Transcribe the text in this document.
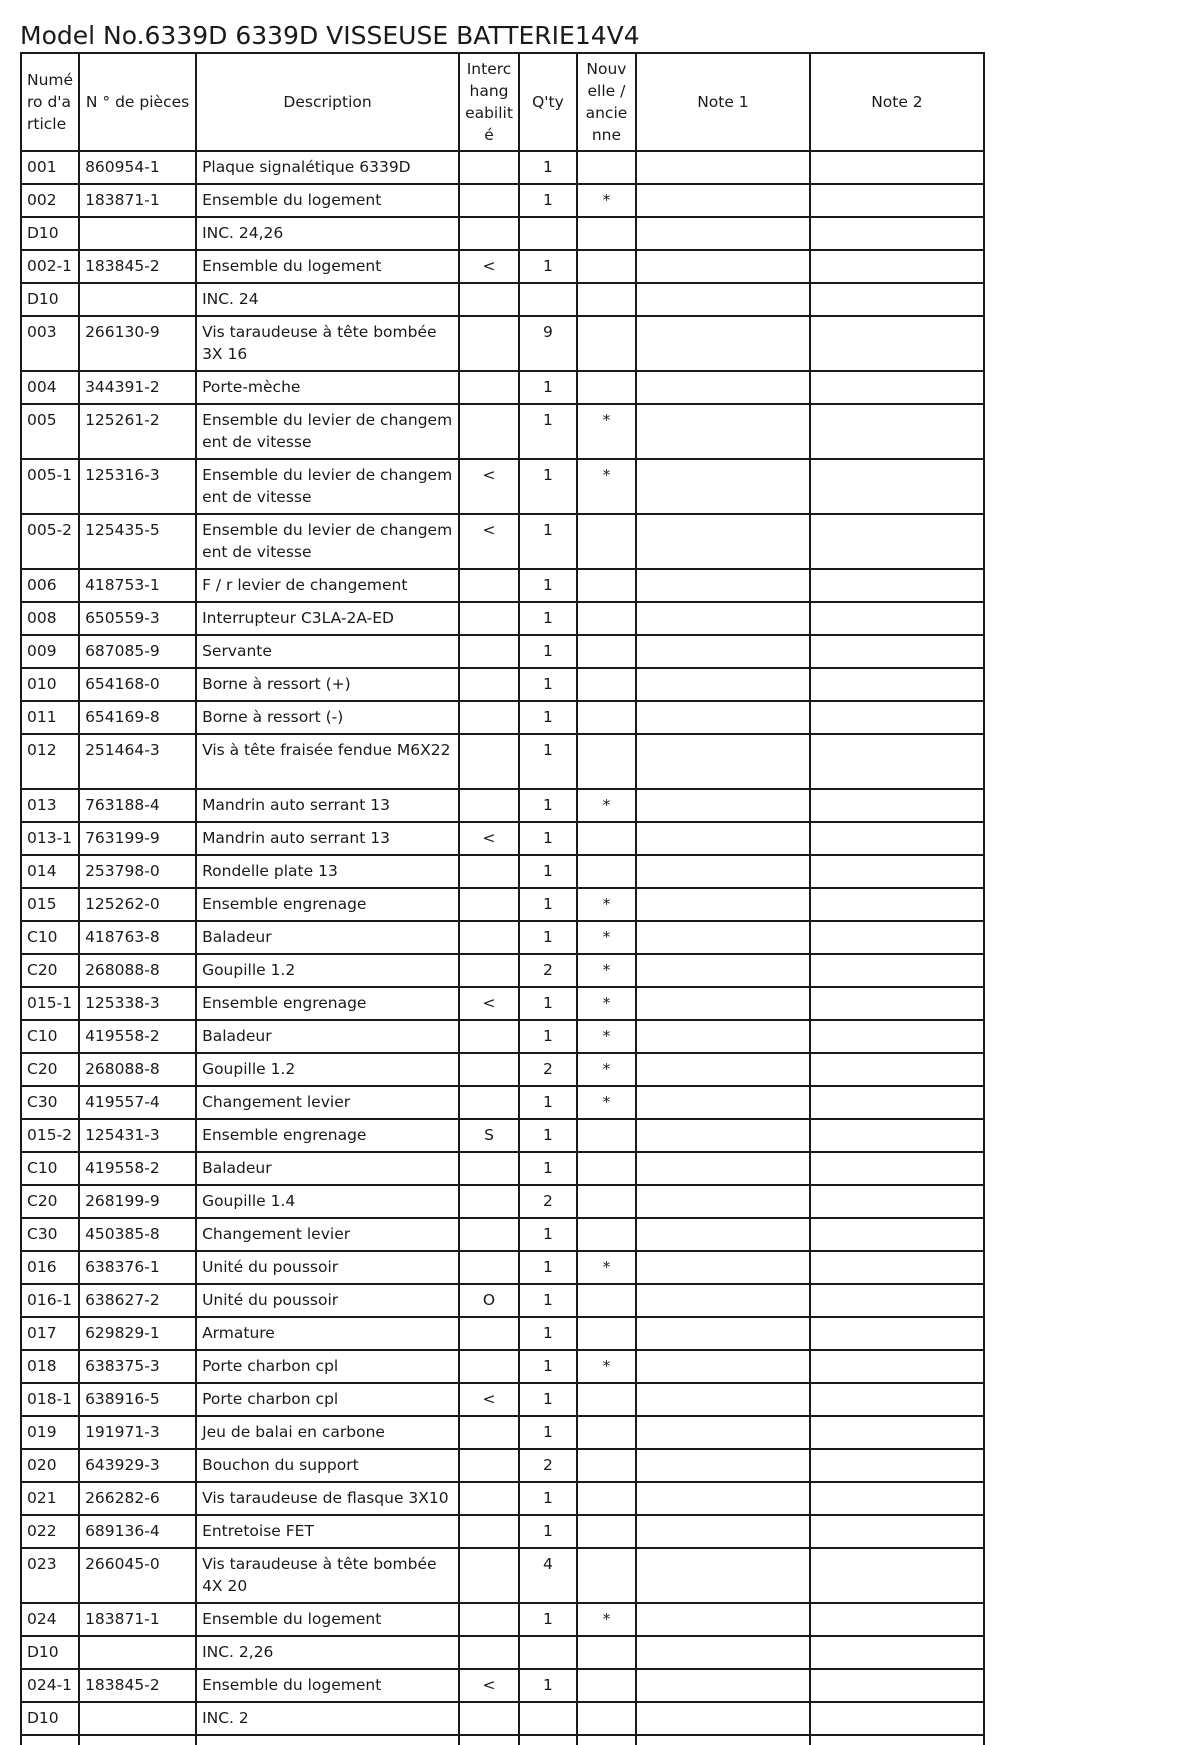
Model No.6339D 6339D VISSEUSE BATTERIE14V4
Numé ro d'a rticle	N ° de pièces	Description	Interc hang eabilit é	Q'ty	Nouv elle / ancie nne	Note 1	Note 2
001	860954-1	Plaque signalétique 6339D		1			
002	183871-1	Ensemble du logement		1	*		
D10		INC. 24,26					
002-1	183845-2	Ensemble du logement	<	1			
D10		INC. 24					
003	266130-9	Vis taraudeuse à tête bombée 3X 16		9			
004	344391-2	Porte-mèche		1			
005	125261-2	Ensemble du levier de changem ent de vitesse		1	*		
005-1	125316-3	Ensemble du levier de changem ent de vitesse	<	1	*		
005-2	125435-5	Ensemble du levier de changem ent de vitesse	<	1			
006	418753-1	F / r levier de changement		1			
008	650559-3	Interrupteur C3LA-2A-ED		1			
009	687085-9	Servante		1			
010	654168-0	Borne à ressort (+)		1			
011	654169-8	Borne à ressort (-)		1			
012	251464-3	Vis à tête fraisée fendue M6X22		1			
013	763188-4	Mandrin auto serrant 13		1	*		
013-1	763199-9	Mandrin auto serrant 13	<	1			
014	253798-0	Rondelle plate 13		1			
015	125262-0	Ensemble engrenage		1	*		
C10	418763-8	Baladeur		1	*		
C20	268088-8	Goupille 1.2		2	*		
015-1	125338-3	Ensemble engrenage	<	1	*		
C10	419558-2	Baladeur		1	*		
C20	268088-8	Goupille 1.2		2	*		
C30	419557-4	Changement levier		1	*		
015-2	125431-3	Ensemble engrenage	S	1			
C10	419558-2	Baladeur		1			
C20	268199-9	Goupille 1.4		2			
C30	450385-8	Changement levier		1			
016	638376-1	Unité du poussoir		1	*		
016-1	638627-2	Unité du poussoir	O	1			
017	629829-1	Armature		1			
018	638375-3	Porte charbon cpl		1	*		
018-1	638916-5	Porte charbon cpl	<	1			
019	191971-3	Jeu de balai en carbone		1			
020	643929-3	Bouchon du support		2			
021	266282-6	Vis taraudeuse de flasque 3X10		1			
022	689136-4	Entretoise FET		1			
023	266045-0	Vis taraudeuse à tête bombée 4X 20		4			
024	183871-1	Ensemble du logement		1	*		
D10		INC. 2,26					
024-1	183845-2	Ensemble du logement	<	1			
D10		INC. 2					
